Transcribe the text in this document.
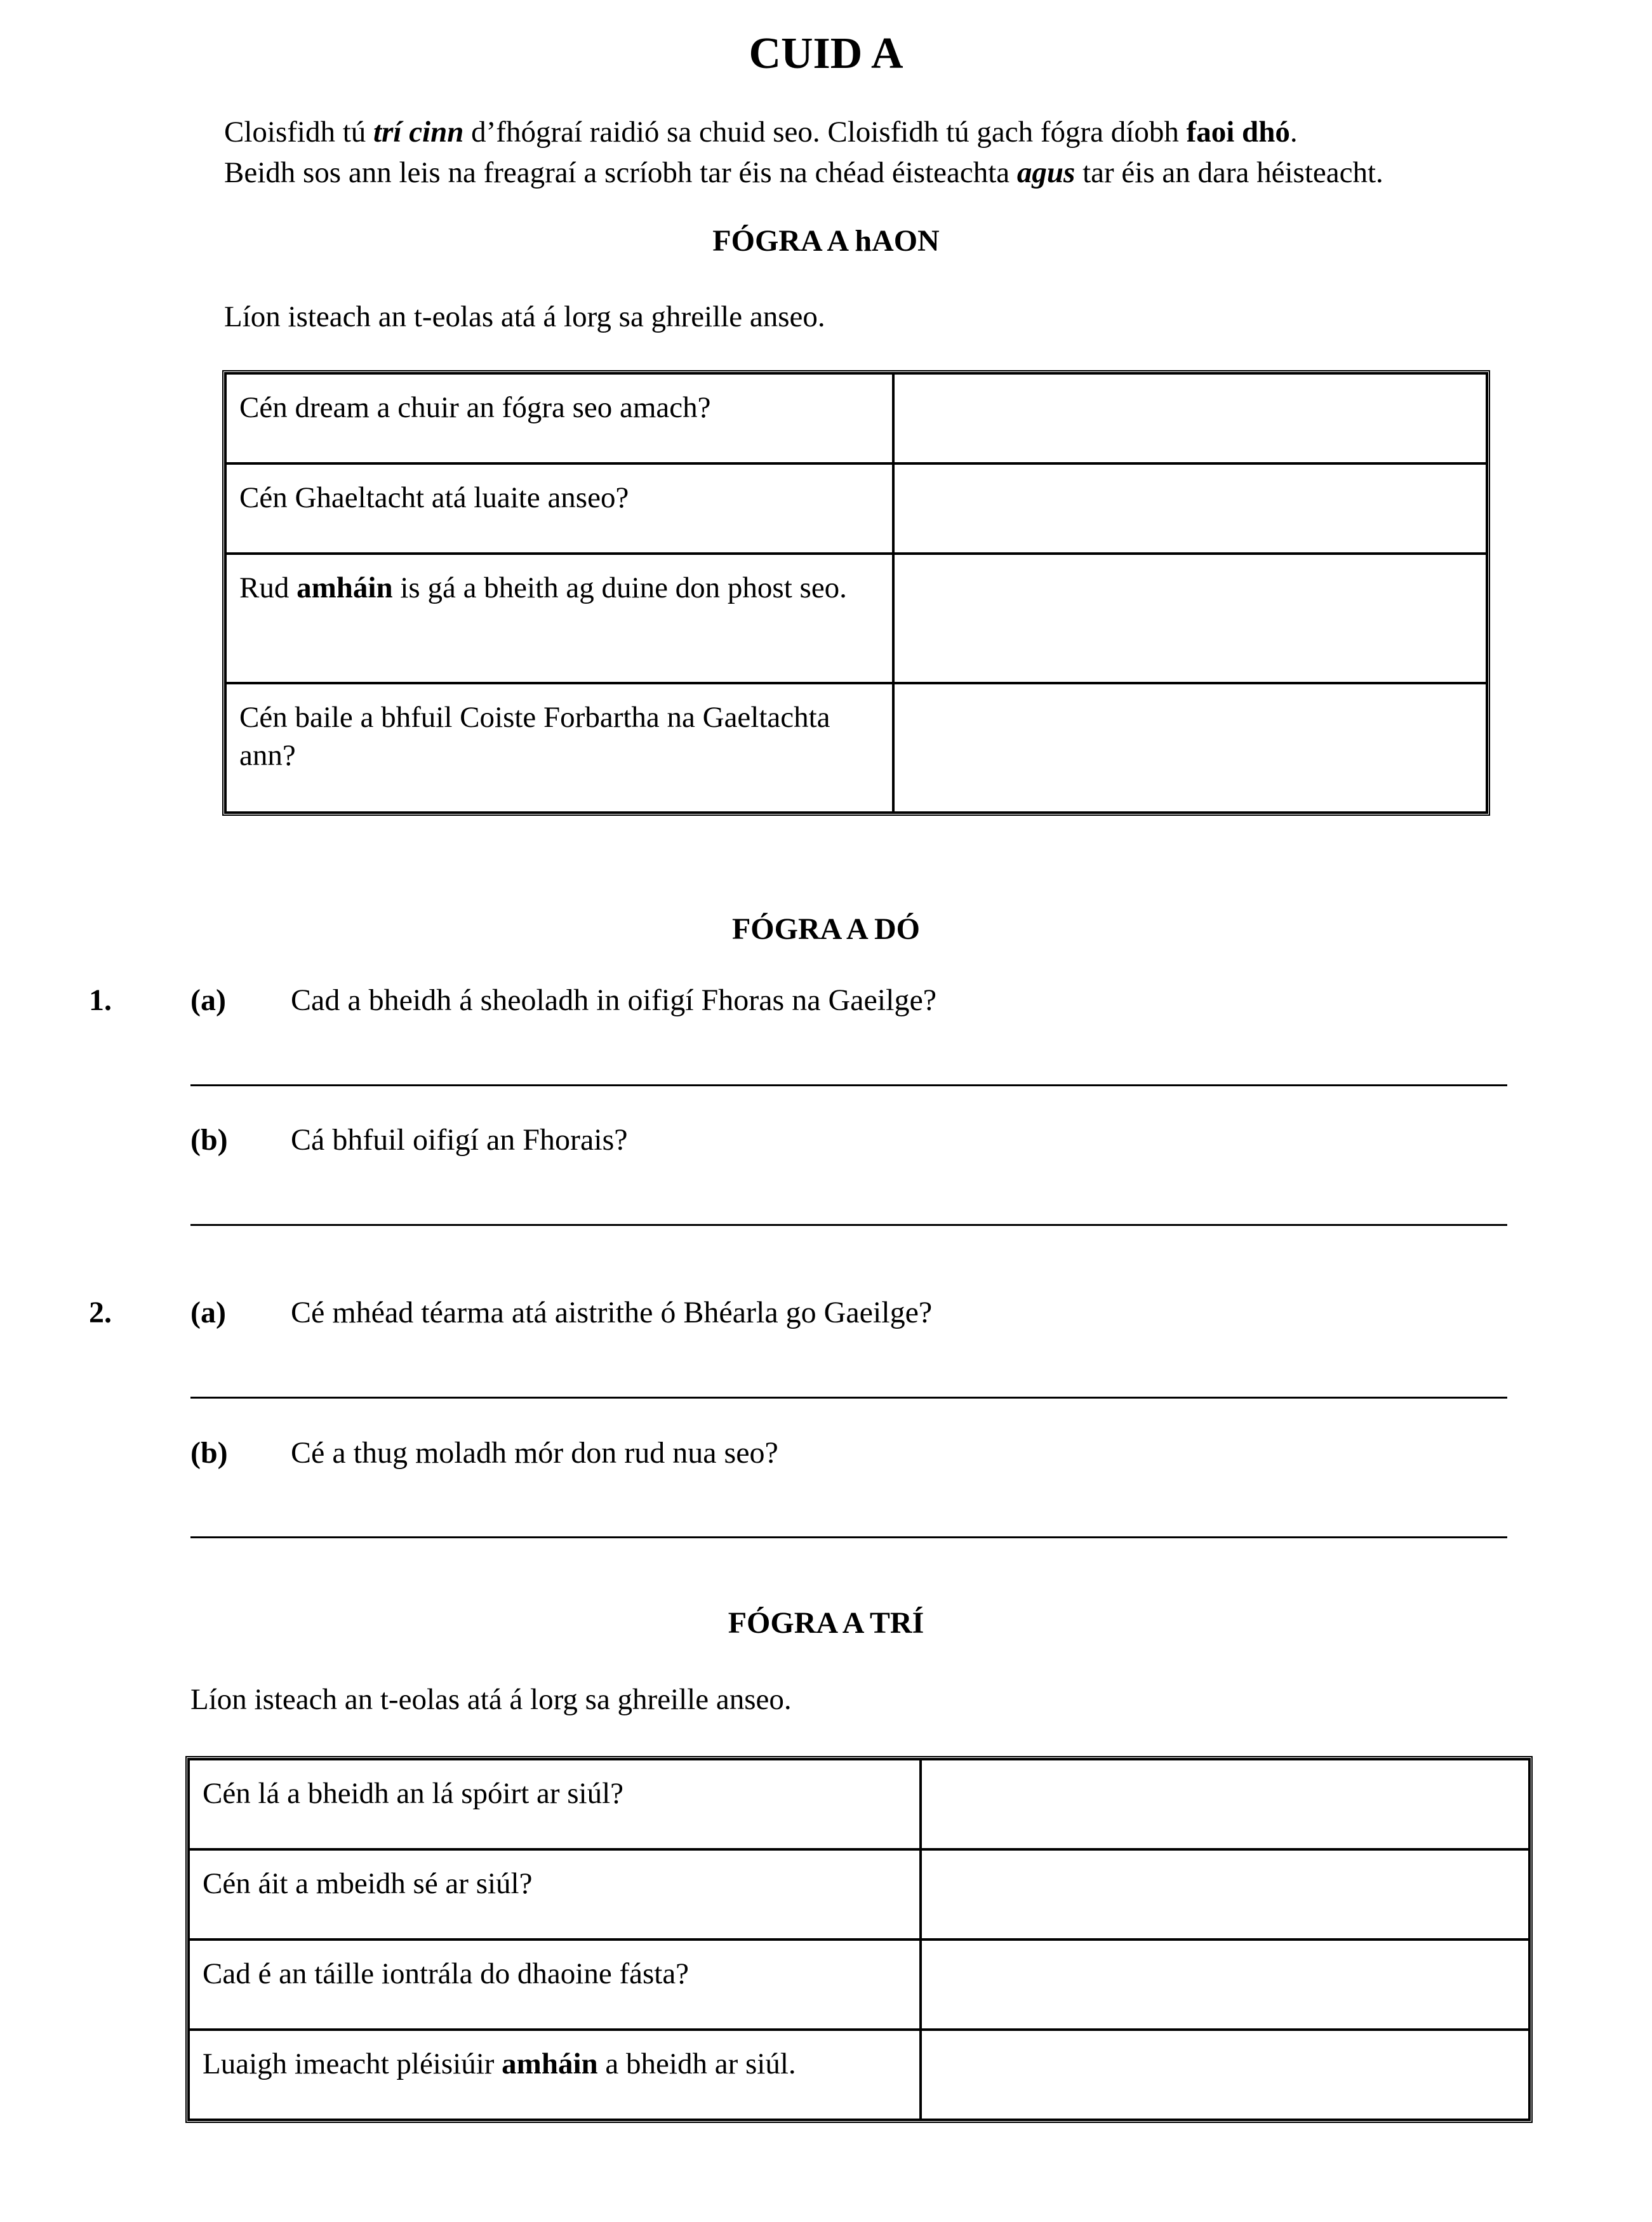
CUID A
Cloisfidh tú trí cinn d’fhógraí raidió sa chuid seo. Cloisfidh tú gach fógra díobh faoi dhó.
Beidh sos ann leis na freagraí a scríobh tar éis na chéad éisteachta agus tar éis an dara héisteacht.
FÓGRA A hAON
Líon isteach an t-eolas atá á lorg sa ghreille anseo.
Cén dream a chuir an fógra seo amach?	
Cén Ghaeltacht atá luaite anseo?	
Rud amháin is gá a bheith ag duine don phost seo.	
Cén baile a bhfuil Coiste Forbartha na Gaeltachta ann?	
FÓGRA A DÓ
1.	(a) Cad a bheidh á sheoladh in oifigí Fhoras na Gaeilge?
(b) Cá bhfuil oifigí an Fhorais?
2.	(a) Cé mhéad téarma atá aistrithe ó Bhéarla go Gaeilge?
(b) Cé a thug moladh mór don rud nua seo?
FÓGRA A TRÍ
Líon isteach an t-eolas atá á lorg sa ghreille anseo.
Cén lá a bheidh an lá spóirt ar siúl?	
Cén áit a mbeidh sé ar siúl?	
Cad é an táille iontrála do dhaoine fásta?	
Luaigh imeacht pléisiúir amháin a bheidh ar siúl.	
